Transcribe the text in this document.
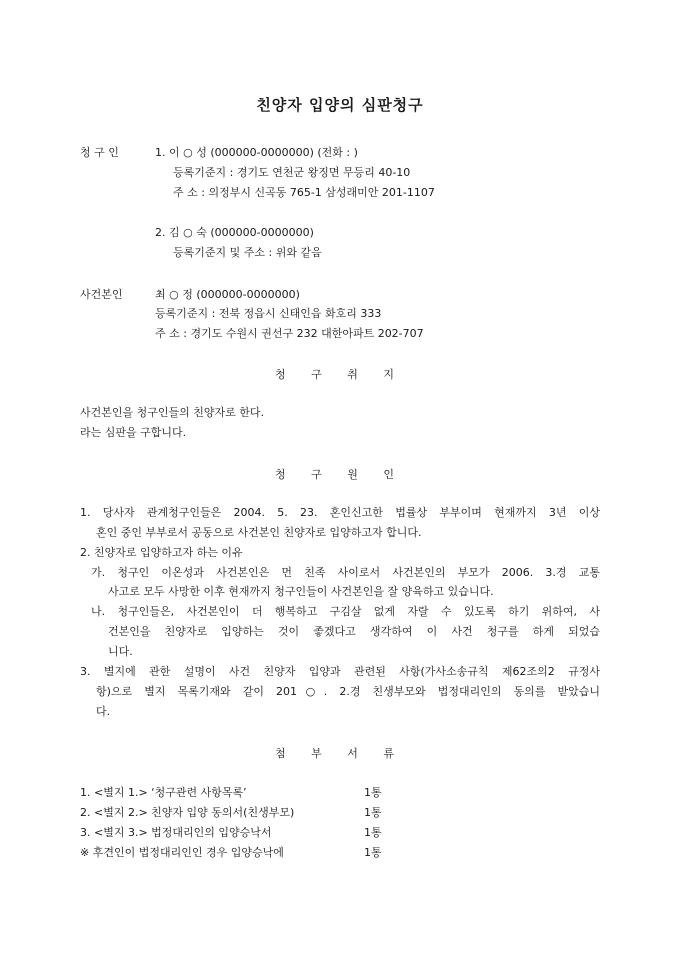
친양자 입양의 심판청구
청 구 인	1. 이 ○ 성 (000000-0000000) (전화 : )
등록기준지 : 경기도 연천군 왕징면 무등리 40-10
주 소 : 의정부시 신곡동 765-1 삼성래미안 201-1107
2. 김 ○ 숙 (000000-0000000)
등록기준지 및 주소 : 위와 같음
사건본인	최 ○ 정 (000000-0000000)
등록기준지 : 전북 정읍시 신태인읍 화호리 333
주 소 : 경기도 수원시 권선구 232 대한아파트 202-707
청 구 취 지
사건본인을 청구인들의 친양자로 한다.
라는 심판을 구합니다.
청 구 원 인
1. 당사자 관계청구인들은 2004. 5. 23. 혼인신고한 법률상 부부이며 현재까지 3년 이상
혼인 중인 부부로서 공동으로 사건본인 친양자로 입양하고자 합니다.
2. 친양자로 입양하고자 하는 이유
가. 청구인 이온성과 사건본인은 먼 친족 사이로서 사건본인의 부모가 2006. 3.경 교통
사고로 모두 사망한 이후 현재까지 청구인들이 사건본인을 잘 양육하고 있습니다.
나. 청구인들은, 사건본인이 더 행복하고 구김살 없게 자랄 수 있도록 하기 위하여, 사
건본인을 친양자로 입양하는 것이 좋겠다고 생각하여 이 사건 청구를 하게 되었습
니다.
3. 별지에 관한 설명이 사건 친양자 입양과 관련된 사항(가사소송규칙 제62조의2 규정사
항)으로 별지 목록기재와 같이 201○. 2.경 친생부모와 법정대리인의 동의를 받았습니
다.
첨 부 서 류
1. <별지 1.> ‘청구관련 사항목록’	1통
2. <별지 2.> 친양자 입양 동의서(친생부모)	1통
3. <별지 3.> 법정대리인의 입양승낙서	1통
※ 후견인이 법정대리인인 경우 입양승낙에	1통
